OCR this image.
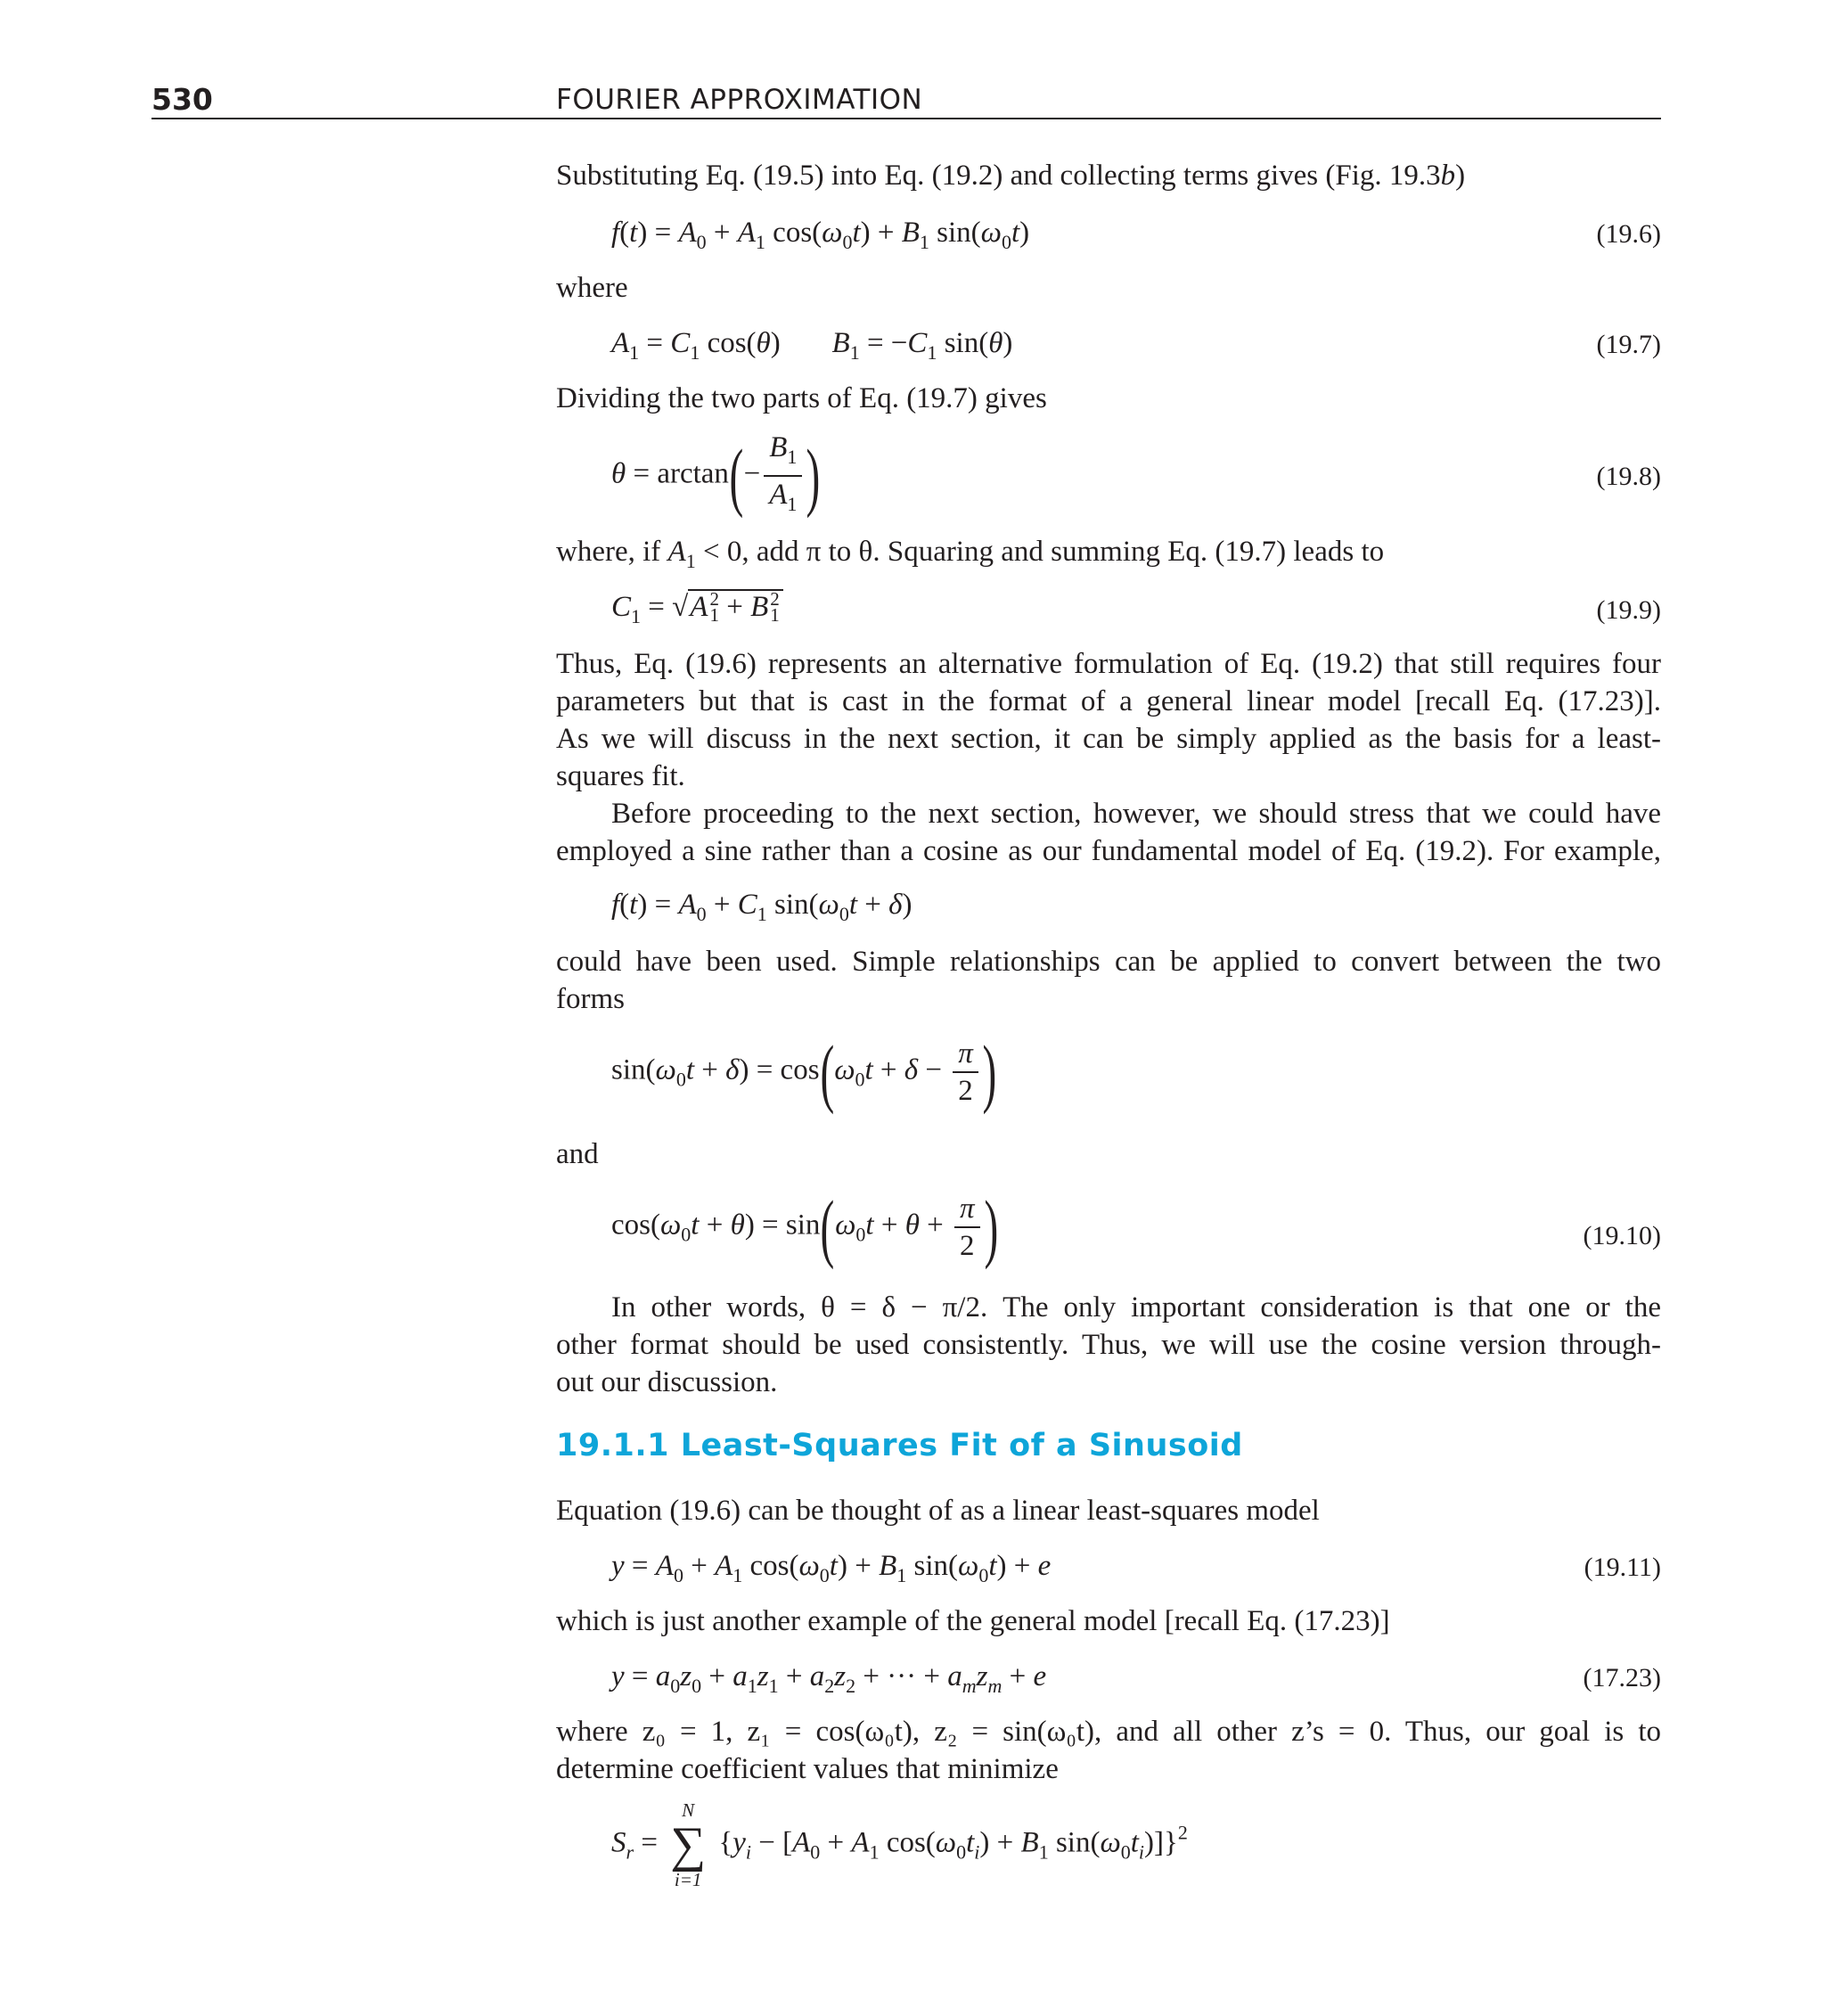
530	FOURIER APPROXIMATION
Substituting Eq. (19.5) into Eq. (19.2) and collecting terms gives (Fig. 19.3b)
$f(t) = A_0 + A_1$ $\cos(\omega_0t) + B_1$ $\sin(\omega_0t)$	(19.6)
where
$A_1 = C_1$ cos(θ)       $B_1 = -C_1$ sin(θ)	(19.7)
Dividing the two parts of Eq. (19.7) gives
$\theta = \arctan(- \frac{B_1}{A_1}$ )	(19.8)
where, if $A_1 < 0$, add π to θ. Squaring and summing Eq. (19.7) leads to
$C_1 = √A$ 2
1 + B 2
1	(19.9)
Thus, Eq. (19.6) represents an alternative formulation of Eq. (19.2) that still requires four
parameters but that is cast in the format of a general linear model [recall Eq. (17.23)].
As we will discuss in the next section, it can be simply applied as the basis for a least-
squares fit.
Before proceeding to the next section, however, we should stress that we could have
employed a sine rather than a cosine as our fundamental model of Eq. (19.2). For example,
$f(t) = A_0 + C_1$ $\sin(\omega_0t + \delta)$
could have been used. Simple relationships can be applied to convert between the two
forms
$\sin(\omega_0t + \delta) = \cos(\omega_0t + \delta - \frac{\pi}{2}$ )
and
$\cos(\omega_0t + \theta) = \sin(\omega_0t + \theta + \frac{\pi}{2}$ )	(19.10)
In other words, θ = δ − π/2. The only important consideration is that one or the
other format should be used consistently. Thus, we will use the cosine version through-
out our discussion.
19.1.1 Least-Squares Fit of a Sinusoid
Equation (19.6) can be thought of as a linear least-squares model
$y = A_0 + A_1$ $\cos(\omega_0t) + B_1$ $\sin(\omega_0t) + e$	(19.11)
which is just another example of the general model [recall Eq. (17.23)]
$y = a_0z_0 + a_1z_1 + a_2z_2$ + ··· + $a_mz_m + e$	(17.23)
where z₀ = 1, z₁ = cos(ω₀t), z₂ = sin(ω₀t), and all other z’s = 0. Thus, our goal is to
determine coefficient values that minimize
$S_r$ =
N
∑
i=1
{$y_i - [A_0 + A_1$ $\cos(\omega_0t_i) + B_1$ $\sin(\omega_0t_i)]\}^2$
